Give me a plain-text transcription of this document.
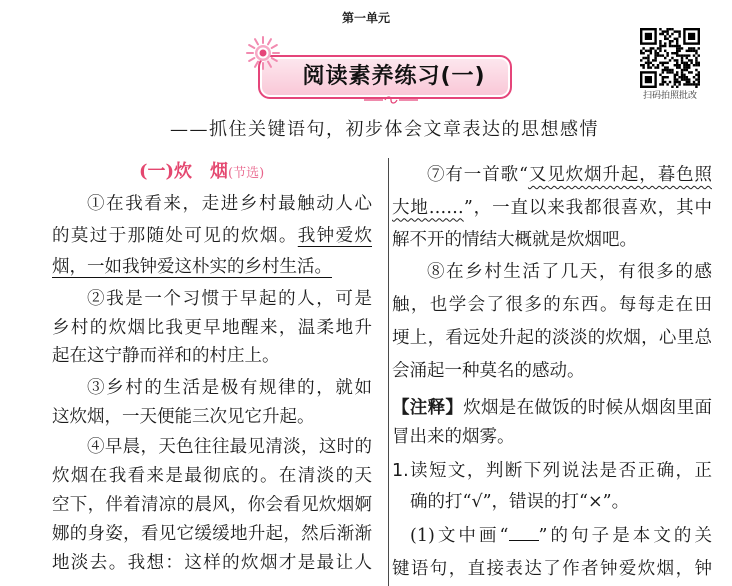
第一单元
阅读素养练习(一)
——抓住关键语句，初步体会文章表达的思想感情
扫码拍照批改
(一)炊　烟(节选)
①在我看来，走进乡村最触动人心
的莫过于那随处可见的炊烟。我钟爱炊
烟，一如我钟爱这朴实的乡村生活。
②我是一个习惯于早起的人，可是
乡村的炊烟比我更早地醒来，温柔地升
起在这宁静而祥和的村庄上。
③乡村的生活是极有规律的，就如
这炊烟，一天便能三次见它升起。
④早晨，天色往往最见清淡，这时的
炊烟在我看来是最彻底的。在清淡的天
空下，伴着清凉的晨风，你会看见炊烟婀
娜的身姿，看见它缓缓地升起，然后渐渐
地淡去。我想：这样的炊烟才是最让人
⑦有一首歌“又见炊烟升起，暮色照
大地……”，一直以来我都很喜欢，其中
解不开的情结大概就是炊烟吧。
⑧在乡村生活了几天，有很多的感
触，也学会了很多的东西。每每走在田
埂上，看远处升起的淡淡的炊烟，心里总
会涌起一种莫名的感动。
【注释】炊烟是在做饭的时候从烟囱里面
冒出来的烟雾。
1. 读短文，判断下列说法是否正确，正
确的打“√”，错误的打“×”。
(1)文中画“ ”的句子是本文的关
键语句，直接表达了作者钟爱炊烟，钟
